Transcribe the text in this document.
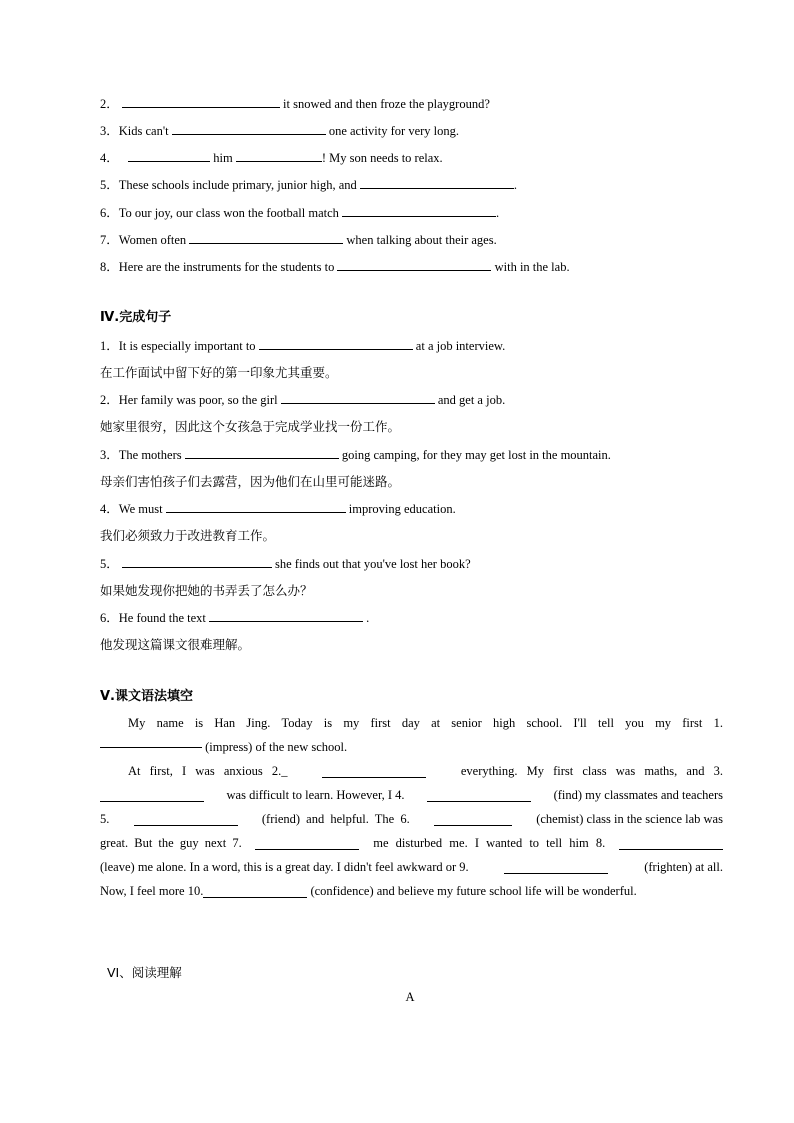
2．	it snowed and then froze the playground?
3．Kids can't	one activity for very long.
4．	him	! My son needs to relax.
5．These schools include primary, junior high, and	.
6．To our joy, our class won the football match	.
7．Women often	when talking about their ages.
8．Here are the instruments for the students to	with in the lab.
Ⅳ.完成句子
1．It is especially important to	at a job interview.
在工作面试中留下好的第一印象尤其重要。
2．Her family was poor, so the girl	and get a job.
她家里很穷，因此这个女孩急于完成学业找一份工作。
3．The mothers	going camping, for they may get lost in the mountain.
母亲们害怕孩子们去露营，因为他们在山里可能迷路。
4．We must	improving education.
我们必须致力于改进教育工作。
5．	she finds out that you've lost her book?
如果她发现你把她的书弄丢了怎么办？
6．He found the text	.
他发现这篇课文很难理解。
Ⅴ.课文语法填空
My name is Han Jing. Today is my first day at senior high school. I'll tell you my first 1.

(impress) of the new school.
At first, I was anxious 2._	everything. My first class was maths, and 3.
was difficult to learn. However, I 4.	(find) my classmates and teachers
5.	(friend) and helpful. The 6.	(chemist) class in the science lab was
great. But the guy next 7.	me disturbed me. I wanted to tell him 8.
(leave) me alone. In a word, this is a great day. I didn't feel awkward or 9.	(frighten) at all.
Now, I feel more 10.
	(confidence) and believe my future school life will be wonderful.
VI、阅读理解
A
